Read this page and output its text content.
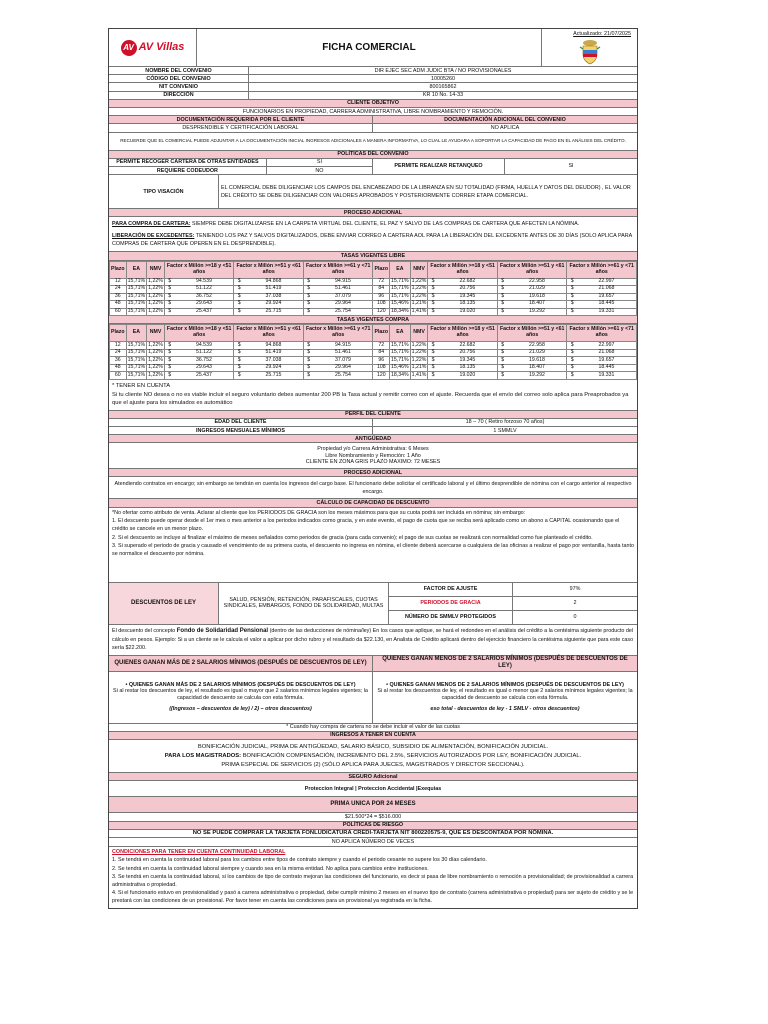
AV AV Villas	FICHA COMERCIAL
Actualizado: 21/07/2025
NOMBRE DEL CONVENIO	DIR EJEC SEC ADM JUDIC BTA / NO PROVISIONALES
CÓDIGO DEL CONVENIO	10005260
NIT CONVENIO	800165862
DIRECCIÓN	KR 10 No. 14-33
CLIENTE OBJETIVO
FUNCIONARIOS EN PROPIEDAD, CARRERA ADMINISTRATIVA, LIBRE NOMBRAMIENTO Y REMOCIÓN.
DOCUMENTACIÓN REQUERIDA POR EL CLIENTE	DOCUMENTACIÓN ADICIONAL DEL CONVENIO
DESPRENDIBLE Y CERTIFICACIÓN LABORAL	NO APLICA
RECUERDE QUE EL COMERCIAL PUEDE ADJUNTAR A LA DOCUMENTACIÓN INICIAL INGRESOS ADICIONALES A MANERA INFORMATIVA, LO CUAL LE AYUDARA A SOPORTAR LA CAPACIDAD DE PAGO EN EL ANÁLISIS DEL CRÉDITO.
POLÍTICAS DEL CONVENIO
PERMITE RECOGER CARTERA DE OTRAS ENTIDADES	SI
REQUIERE CODEUDOR	NO
PERMITE REALIZAR RETANQUEO	SI
TIPO VISACIÓN
EL COMERCIAL DEBE DILIGENCIAR LOS CAMPOS DEL ENCABEZADO DE LA LIBRANZA EN SU TOTALIDAD (FIRMA, HUELLA Y DATOS DEL DEUDOR) , EL VALOR DEL CRÉDITO SE DEBE DILIGENCIAR CON VALORES APROBADOS Y POSTERIORMENTE CORRER ETAPA COMERCIAL.
PROCESO ADICIONAL

PARA COMPRA DE CARTERA: SIEMPRE DEBE DIGITALIZARSE EN LA CARPETA VIRTUAL DEL CLIENTE, EL PAZ Y SALVO DE LAS COMPRAS DE CARTERA QUE AFECTEN LA NÓMINA.

LIBERACIÓN DE EXCEDENTES: TENIENDO LOS PAZ Y SALVOS DIGITALIZADOS, DEBE ENVIAR CORREO A CARTERA AOL PARA LA LIBERACIÓN DEL EXCEDENTE ANTES DE 30 DÍAS (SOLO APLICA PARA COMPRAS DE CARTERA QUE OPEREN EN EL DESPRENDIBLE).

TASAS VIGENTES LIBRE
Plazo	EA	NMV	Factor x Millón >=18 y <51 años		Factor x Millón >=51 y <61 años		Factor x Millón >=61 y <71 años		Plazo	EA	NMV	Factor x Millón >=18 y <51 años		Factor x Millón >=51 y <61 años		Factor x Millón >=61 y <71 años	
12	15,71%	1,22%	$	94.539	$	94.868	$	94.915	72	15,71%	1,22%	$	22.682	$	22.958	$	22.997
24	15,71%	1,22%	$	51.122	$	51.419	$	51.461	84	15,71%	1,22%	$	20.756	$	21.029	$	21.068
36	15,71%	1,22%	$	36.752	$	37.038	$	37.079	96	15,71%	1,22%	$	19.345	$	19.618	$	19.657
48	15,71%	1,22%	$	29.643	$	29.924	$	29.964	108	15,46%	1,21%	$	18.135	$	18.407	$	18.445
60	15,71%	1,22%	$	25.437	$	25.715	$	25.754	120	18,34%	1,41%	$	19.020	$	19.292	$	19.331
TASAS VIGENTES COMPRA
Plazo	EA	NMV	Factor x Millón >=18 y <51 años		Factor x Millón >=51 y <61 años		Factor x Millón >=61 y <71 años		Plazo	EA	NMV	Factor x Millón >=18 y <51 años		Factor x Millón >=51 y <61 años		Factor x Millón >=61 y <71 años	
12	15,71%	1,22%	$	94.539	$	94.868	$	94.915	72	15,71%	1,22%	$	22.682	$	22.958	$	22.997
24	15,71%	1,22%	$	51.122	$	51.419	$	51.461	84	15,71%	1,22%	$	20.756	$	21.029	$	21.068
36	15,71%	1,22%	$	36.752	$	37.038	$	37.079	96	15,71%	1,22%	$	19.345	$	19.618	$	19.657
48	15,71%	1,22%	$	29.643	$	29.924	$	29.964	108	15,46%	1,21%	$	18.135	$	18.407	$	18.445
60	15,71%	1,22%	$	25.437	$	25.715	$	25.754	120	18,34%	1,41%	$	19.020	$	19.292	$	19.331

* TENER EN CUENTA

Si tu cliente NO desea o no es viable incluir el seguro voluntario debes aumentar 200 PB la Tasa actual y remitir correo con el ajuste. Recuerda que el envío del correo solo aplica para Preaprobados ya que el ajuste para los simulados es automático

PERFIL DEL CLIENTE
EDAD DEL CLIENTE	18 – 70 ( Retiro forzoso 70 años)
INGRESOS MENSUALES MÍNIMOS	1 SMMLV
ANTIGÜEDAD

Propiedad y/o Carrera Administrativa: 6 Meses

Libre Nombramiento y Remoción: 1 Año

CLIENTE EN ZONA GRIS PLAZO MAXIMO: 72 MESES

PROCESO ADICIONAL

Atendiendo contratos en encargo; sin embargo se tendrán en cuenta los ingresos del cargo base. El funcionario debe solicitar el certificado laboral y el último desprendible de nómina con el cargo anterior al respectivo encargo.

CÁLCULO DE CAPACIDAD DE DESCUENTO

*No ofertar como atributo de venta. Aclarar al cliente que los PERIODOS DE GRACIA son los meses máximos para que su cuota podrá ser incluida en nómina; sin embargo:

1. El descuento puede operar desde el 1er mes o mes anterior a los periodos indicados como gracia, y en este evento, el pago de cuota que se reciba será aplicado como un abono a CAPITAL ocasionando que el crédito se cancele en un menor plazo.

2. Si el descuento se incluye al finalizar el máximo de meses señalados como periodos de gracia (para cada convenio); el pago de sus cuotas se realizará con normalidad como fue planteado el crédito.

3. Si superado el periodo de gracia y causado el vencimiento de su primera cuota, el descuento no ingresa en nómina, el cliente deberá acercarse a cualquiera de las oficinas a realizar el pago por ventanilla, hasta tanto se normalice el descuento por nómina.

DESCUENTOS DE LEY	SALUD, PENSIÓN, RETENCIÓN, PARAFISCALES, CUOTAS SINDICALES, EMBARGOS, FONDO DE SOLIDARIDAD, MULTAS
FACTOR DE AJUSTE	97%
PERIODOS DE GRACIA	2
NÚMERO DE SMMLV PROTEGIDOS	0

El descuento del concepto Fondo de Solidaridad Pensional (dentro de las deducciones de nómina/ley) En los casos que aplique, se hará el redondeo en el análisis del crédito a la centésima siguiente producto del cálculo en pesos. Ejemplo: Si a un cliente se le calcula el valor a aplicar por dicho rubro y el resultado da $22.130, en Analista de Crédito aplicará dentro del ejercicio financiero la centésima siguiente que para este caso sería $22.200.

QUIENES GANAN MÁS DE 2 SALARIOS MÍNIMOS (DESPUÉS DE DESCUENTOS DE LEY)
QUIENES GANAN MENOS DE 2 SALARIOS MÍNIMOS (DESPUÉS DE DESCUENTOS DE LEY)

• QUIENES GANAN MÁS DE 2 SALARIOS MÍNIMOS (DESPUÉS DE DESCUENTOS DE LEY)

Si al restar los descuentos de ley, el resultado es igual o mayor que 2 salarios mínimos legales vigentes; la capacidad de descuento se calcula con esta fórmula.

((Ingresos – descuentos de ley) / 2) – otros descuentos)

• QUIENES GANAN MENOS DE 2 SALARIOS MÍNIMOS (DESPUÉS DE DESCUENTOS DE LEY)

Si al restar los descuentos de ley, el resultado es igual o menor que 2 salarios mínimos legales vigentes; la capacidad de descuento se calcula con esta fórmula.

eso total - descuentos de ley - 1 SMLV - otros descuentos)

* Cuando hay compra de cartera no se debe incluir el valor de las cuotas
INGRESOS A TENER EN CUENTA

BONIFICACIÓN JUDICIAL, PRIMA DE ANTIGÜEDAD, SALARIO BÁSICO, SUBSIDIO DE ALIMENTACIÓN, BONIFICACIÓN JUDICIAL.

PARA LOS MAGISTRADOS: BONIFICACIÓN COMPENSACIÓN, INCREMENTO DEL 2.5%, SERVICIOS AUTORIZADOS POR LEY, BONIFICACIÓN JUDICIAL.

PRIMA ESPECIAL DE SERVICIOS (2) (SÓLO APLICA PARA JUECES, MAGISTRADOS Y DIRECTOR SECCIONAL).

SEGURO Adicional
Proteccion Integral | Proteccion Accidental |Exequias
PRIMA UNICA POR 24 MESES
$21.500*24 = $516.000
POLÍTICAS DE RIESGO
NO SE PUEDE COMPRAR LA TARJETA FONLUDICATURA CREDI-TARJETA NIT 800220575-9, QUE ES DESCONTADA POR NÓMINA.
NO APLICA NÚMERO DE VECES

CONDICIONES PARA TENER EN CUENTA CONTINUIDAD LABORAL

1. Se tendrá en cuenta la continuidad laboral para los cambios entre tipos de contrato siempre y cuando el periodo cesante no supere los 30 días calendario.

2. Se tendrá en cuenta la continuidad laboral siempre y cuando sea en la misma entidad. No aplica para cambios entre instituciones.

3. Se tendrá en cuenta la continuidad laboral, si los cambios de tipo de contrato mejoran las condiciones del funcionario, es decir si pasa de libre nombramiento o remoción a provisionalidad; de provisionalidad a carrera administrativa o propiedad.

4. Si el funcionario estuvo en provisionalidad y pasó a carrera administrativa o propiedad, debe cumplir mínimo 2 meses en el nuevo tipo de contrato (carrera administrativa o propiedad) para ser sujeto de crédito y se le prestará con las condiciones de un provisional. Por favor tener en cuenta las condiciones para un provisional ya registrada en la ficha.
